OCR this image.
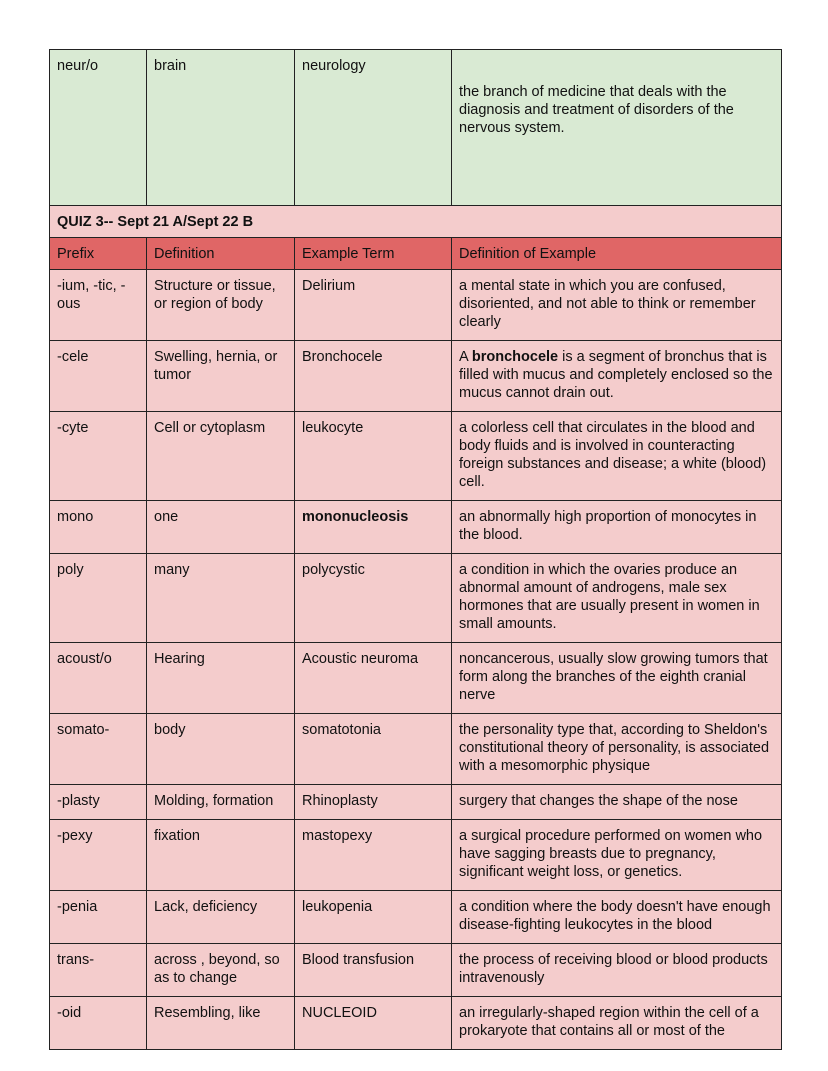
neur/o	brain	neurology	the branch of medicine that deals with the diagnosis and treatment of disorders of the nervous system.
QUIZ 3-- Sept 21 A/Sept 22 B			
Prefix	Definition	Example Term	Definition of Example
-ium, -tic, -ous	Structure or tissue, or region of body	Delirium	a mental state in which you are confused, disoriented, and not able to think or remember clearly
-cele	Swelling, hernia, or tumor	Bronchocele	A bronchocele is a segment of bronchus that is filled with mucus and completely enclosed so the mucus cannot drain out.
-cyte	Cell or cytoplasm	leukocyte	a colorless cell that circulates in the blood and body fluids and is involved in counteracting foreign substances and disease; a white (blood) cell.
mono	one	mononucleosis	an abnormally high proportion of monocytes in the blood.
poly	many	polycystic	a condition in which the ovaries produce an abnormal amount of androgens, male sex hormones that are usually present in women in small amounts.
acoust/o	Hearing	Acoustic neuroma	noncancerous, usually slow growing tumors that form along the branches of the eighth cranial nerve
somato-	body	somatotonia	the personality type that, according to Sheldon's constitutional theory of personality, is associated with a mesomorphic physique
-plasty	Molding, formation	Rhinoplasty	surgery that changes the shape of the nose
-pexy	fixation	mastopexy	a surgical procedure performed on women who have sagging breasts due to pregnancy, significant weight loss, or genetics.
-penia	Lack, deficiency	leukopenia	a condition where the body doesn't have enough disease-fighting leukocytes in the blood
trans-	across , beyond, so as to change	Blood transfusion	the process of receiving blood or blood products intravenously
-oid	Resembling, like	NUCLEOID	an irregularly-shaped region within the cell of a prokaryote that contains all or most of the
